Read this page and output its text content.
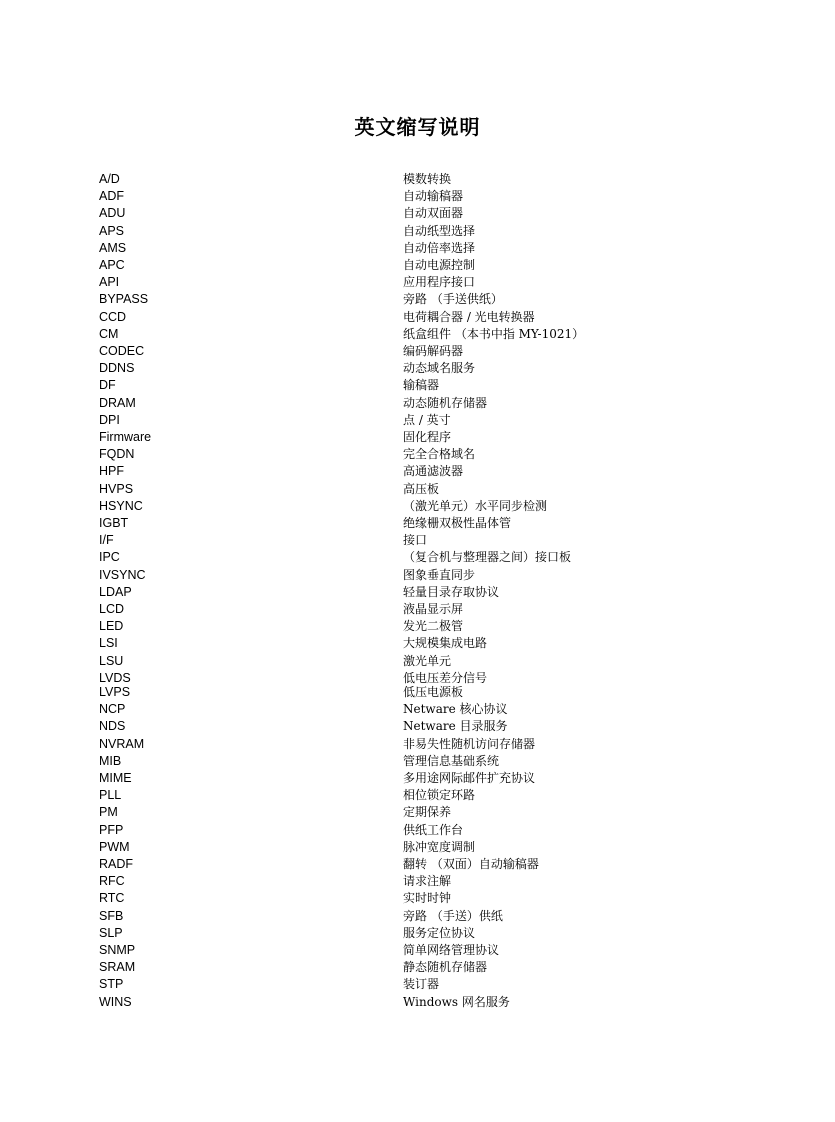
英文缩写说明
A/D	模数转换
ADF	自动输稿器
ADU	自动双面器
APS	自动纸型选择
AMS	自动倍率选择
APC	自动电源控制
API	应用程序接口
BYPASS	旁路 （手送供纸）
CCD	电荷耦合器 / 光电转换器
CM	纸盒组件 （本书中指 MY-1021）
CODEC	编码解码器
DDNS	动态域名服务
DF	输稿器
DRAM	动态随机存储器
DPI	点 / 英寸
Firmware	固化程序
FQDN	完全合格域名
HPF	高通滤波器
HVPS	高压板
HSYNC	（激光单元）水平同步检测
IGBT	绝缘栅双极性晶体管
I/F	接口
IPC	（复合机与整理器之间）接口板
IVSYNC	图象垂直同步
LDAP	轻量目录存取协议
LCD	液晶显示屏
LED	发光二极管
LSI	大规模集成电路
LSU	激光单元
LVDS	低电压差分信号
LVPS	低压电源板
NCP	Netware 核心协议
NDS	Netware 目录服务
NVRAM	非易失性随机访问存储器
MIB	管理信息基础系统
MIME	多用途网际邮件扩充协议
PLL	相位锁定环路
PM	定期保养
PFP	供纸工作台
PWM	脉冲宽度调制
RADF	翻转 （双面）自动输稿器
RFC	请求注解
RTC	实时时钟
SFB	旁路 （手送）供纸
SLP	服务定位协议
SNMP	简单网络管理协议
SRAM	静态随机存储器
STP	装订器
WINS	Windows 网名服务
